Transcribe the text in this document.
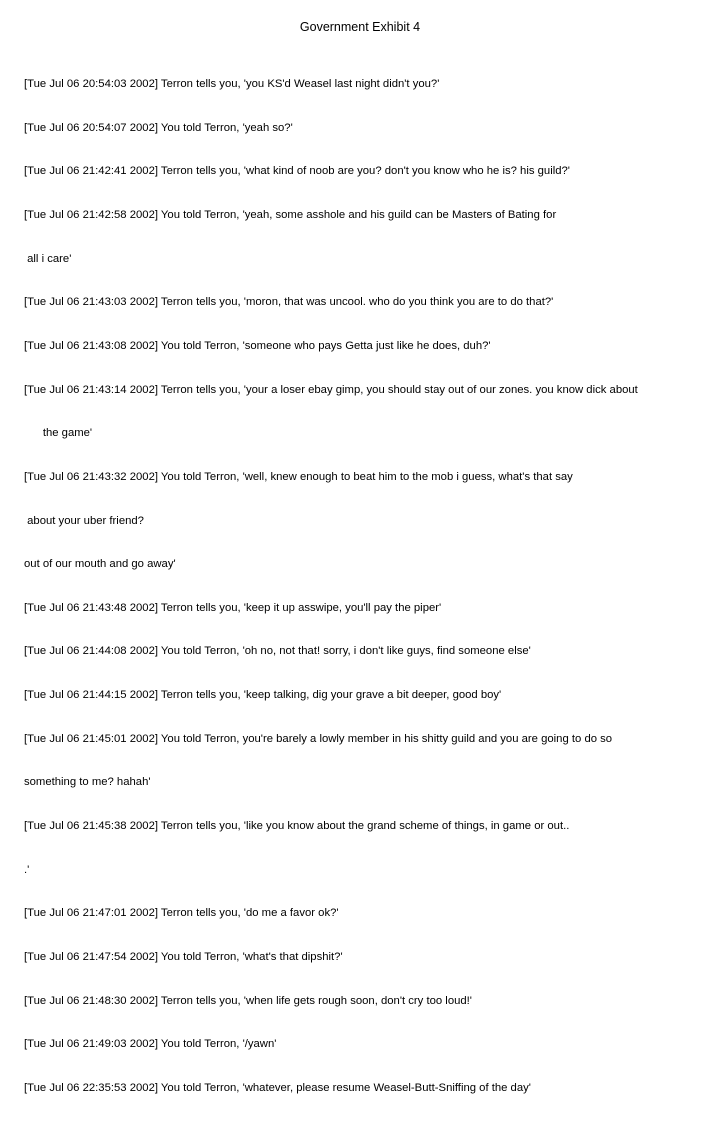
Government Exhibit 4

[Tue Jul 06 20:54:03 2002] Terron tells you, 'you KS'd Weasel last night didn't you?'

[Tue Jul 06 20:54:07 2002] You told Terron, 'yeah so?'

[Tue Jul 06 21:42:41 2002] Terron tells you, 'what kind of noob are you? don't you know who he is? his guild?'

[Tue Jul 06 21:42:58 2002] You told Terron, 'yeah, some asshole and his guild can be Masters of Bating for

all i care'

[Tue Jul 06 21:43:03 2002] Terron tells you, 'moron, that was uncool. who do you think you are to do that?'

[Tue Jul 06 21:43:08 2002] You told Terron, 'someone who pays Getta just like he does, duh?'

[Tue Jul 06 21:43:14 2002] Terron tells you, 'your a loser ebay gimp, you should stay out of our zones. you know dick about

the game'

[Tue Jul 06 21:43:32 2002] You told Terron, 'well, knew enough to beat him to the mob i guess, what's that say

about your uber friend?

out of our mouth and go away'

[Tue Jul 06 21:43:48 2002] Terron tells you, 'keep it up asswipe, you'll pay the piper'

[Tue Jul 06 21:44:08 2002] You told Terron, 'oh no, not that! sorry, i don't like guys, find someone else'

[Tue Jul 06 21:44:15 2002] Terron tells you, 'keep talking, dig your grave a bit deeper, good boy'

[Tue Jul 06 21:45:01 2002] You told Terron, you're barely a lowly member in his shitty guild and you are going to do so

something to me? hahah'

[Tue Jul 06 21:45:38 2002] Terron tells you, 'like you know about the grand scheme of things, in game or out..

.'

[Tue Jul 06 21:47:01 2002] Terron tells you, 'do me a favor ok?'

[Tue Jul 06 21:47:54 2002] You told Terron, 'what's that dipshit?'

[Tue Jul 06 21:48:30 2002] Terron tells you, 'when life gets rough soon, don't cry too loud!'

[Tue Jul 06 21:49:03 2002] You told Terron, '/yawn'

[Tue Jul 06 22:35:53 2002] You told Terron, 'whatever, please resume Weasel-Butt-Sniffing of the day'
